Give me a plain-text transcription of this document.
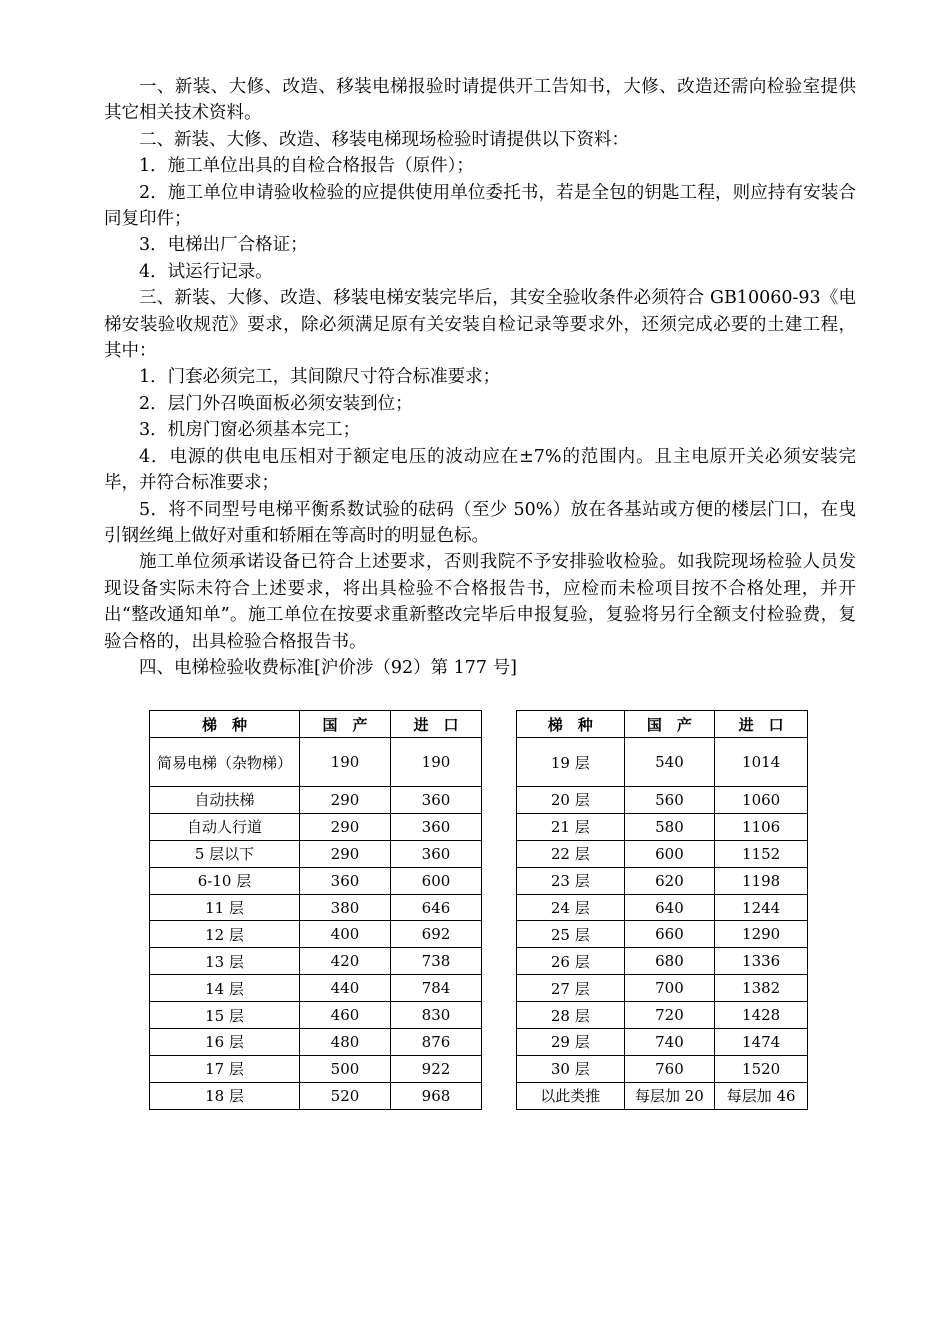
一、新装、大修、改造、移装电梯报验时请提供开工告知书，大修、改造还需向检验室提供其它相关技术资料。

二、新装、大修、改造、移装电梯现场检验时请提供以下资料：

1．施工单位出具的自检合格报告（原件）；

2．施工单位申请验收检验的应提供使用单位委托书，若是全包的钥匙工程，则应持有安装合同复印件；

3．电梯出厂合格证；

4．试运行记录。

三、新装、大修、改造、移装电梯安装完毕后，其安全验收条件必须符合 GB10060-93《电梯安装验收规范》要求，除必须满足原有关安装自检记录等要求外，还须完成必要的土建工程，其中：

1．门套必须完工，其间隙尺寸符合标准要求；

2．层门外召唤面板必须安装到位；

3．机房门窗必须基本完工；

4．电源的供电电压相对于额定电压的波动应在±7%的范围内。且主电原开关必须安装完毕，并符合标准要求；

5．将不同型号电梯平衡系数试验的砝码（至少 50%）放在各基站或方便的楼层门口，在曳引钢丝绳上做好对重和轿厢在等高时的明显色标。

施工单位须承诺设备已符合上述要求，否则我院不予安排验收检验。如我院现场检验人员发现设备实际未符合上述要求，将出具检验不合格报告书，应检而未检项目按不合格处理，并开出“整改通知单”。施工单位在按要求重新整改完毕后申报复验，复验将另行全额支付检验费，复验合格的，出具检验合格报告书。

四、电梯检验收费标准[沪价涉（92）第 177 号]

梯　种	国　产	进　口
简易电梯（杂物梯）	190	190
自动扶梯	290	360
自动人行道	290	360
5 层以下	290	360
6-10 层	360	600
11 层	380	646
12 层	400	692
13 层	420	738
14 层	440	784
15 层	460	830
16 层	480	876
17 层	500	922
18 层	520	968
梯　种	国　产	进　口
19 层	540	1014
20 层	560	1060
21 层	580	1106
22 层	600	1152
23 层	620	1198
24 层	640	1244
25 层	660	1290
26 层	680	1336
27 层	700	1382
28 层	720	1428
29 层	740	1474
30 层	760	1520
以此类推	每层加 20	每层加 46
